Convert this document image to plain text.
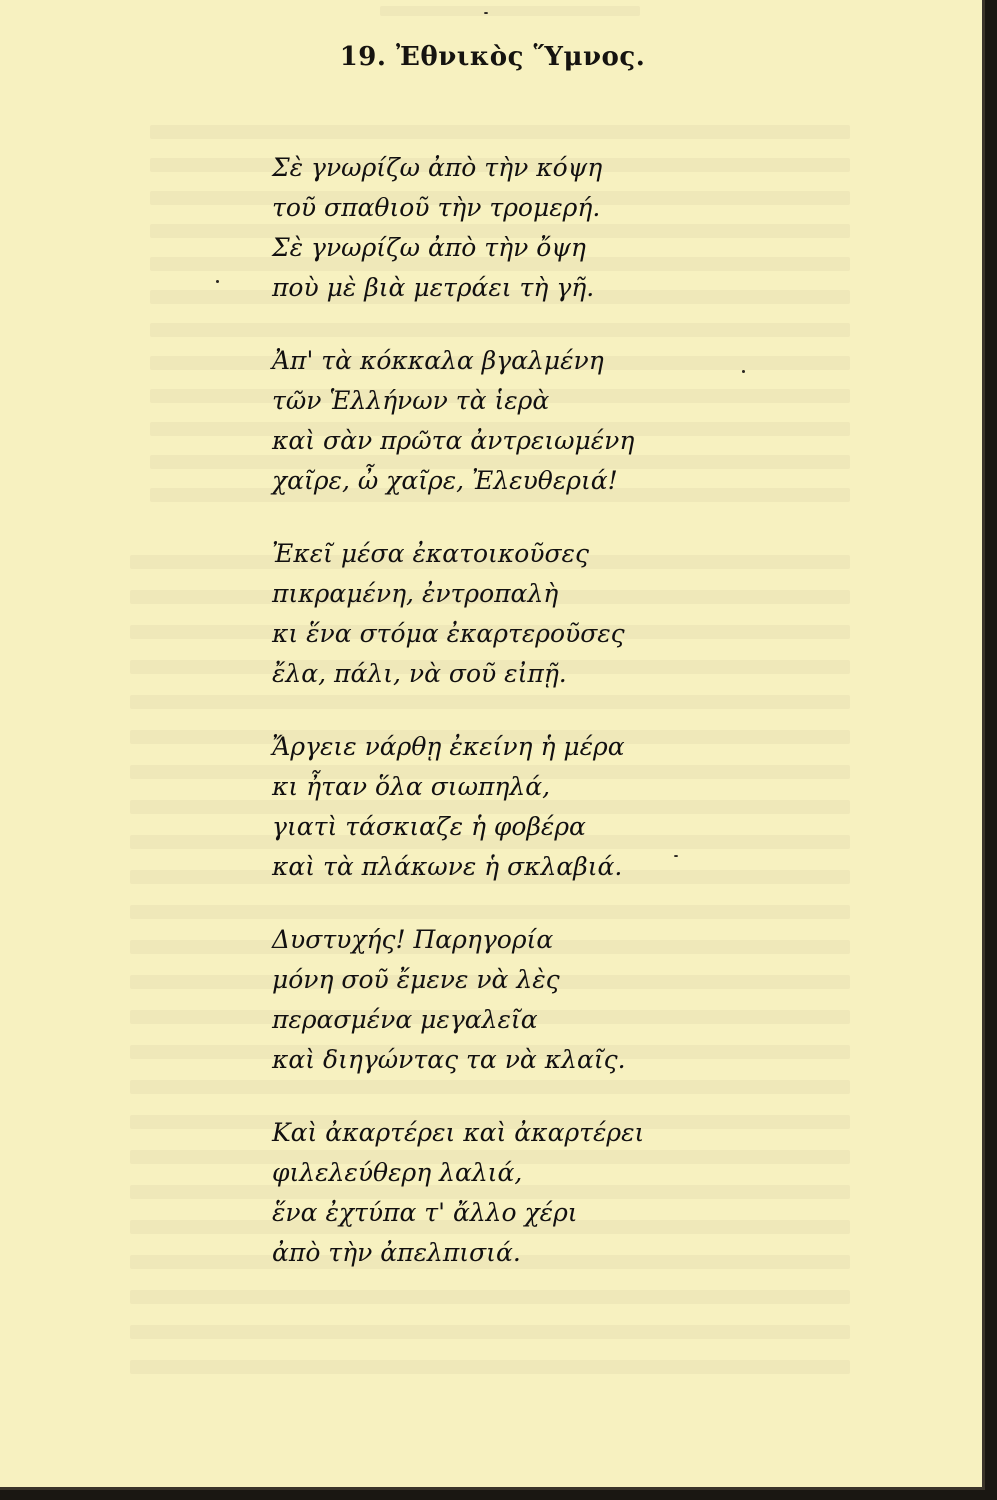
19. Ἐθνικὸς Ὕμνος.
Σὲ γνωρίζω ἀπὸ τὴν κόψη
τοῦ σπαθιοῦ τὴν τρομερή.
Σὲ γνωρίζω ἀπὸ τὴν ὄψη
ποὺ μὲ βιὰ μετράει τὴ γῆ.
Ἀπ' τὰ κόκκαλα βγαλμένη
τῶν Ἑλλήνων τὰ ἱερὰ
καὶ σὰν πρῶτα ἀντρειωμένη
χαῖρε, ὦ χαῖρε, Ἐλευθεριά!
Ἐκεῖ μέσα ἐκατοικοῦσες
πικραμένη, ἐντροπαλὴ
κι ἕνα στόμα ἐκαρτεροῦσες
ἔλα, πάλι, νὰ σοῦ εἰπῇ.
Ἄργειε νάρθῃ ἐκείνη ἡ μέρα
κι ἦταν ὅλα σιωπηλά,
γιατὶ τάσκιαζε ἡ φοβέρα
καὶ τὰ πλάκωνε ἡ σκλαβιά.
Δυστυχής! Παρηγορία
μόνη σοῦ ἔμενε νὰ λὲς
περασμένα μεγαλεῖα
καὶ διηγώντας τα νὰ κλαῖς.
Καὶ ἀκαρτέρει καὶ ἀκαρτέρει
φιλελεύθερη λαλιά,
ἕνα ἐχτύπα τ' ἄλλο χέρι
ἀπὸ τὴν ἀπελπισιά.
